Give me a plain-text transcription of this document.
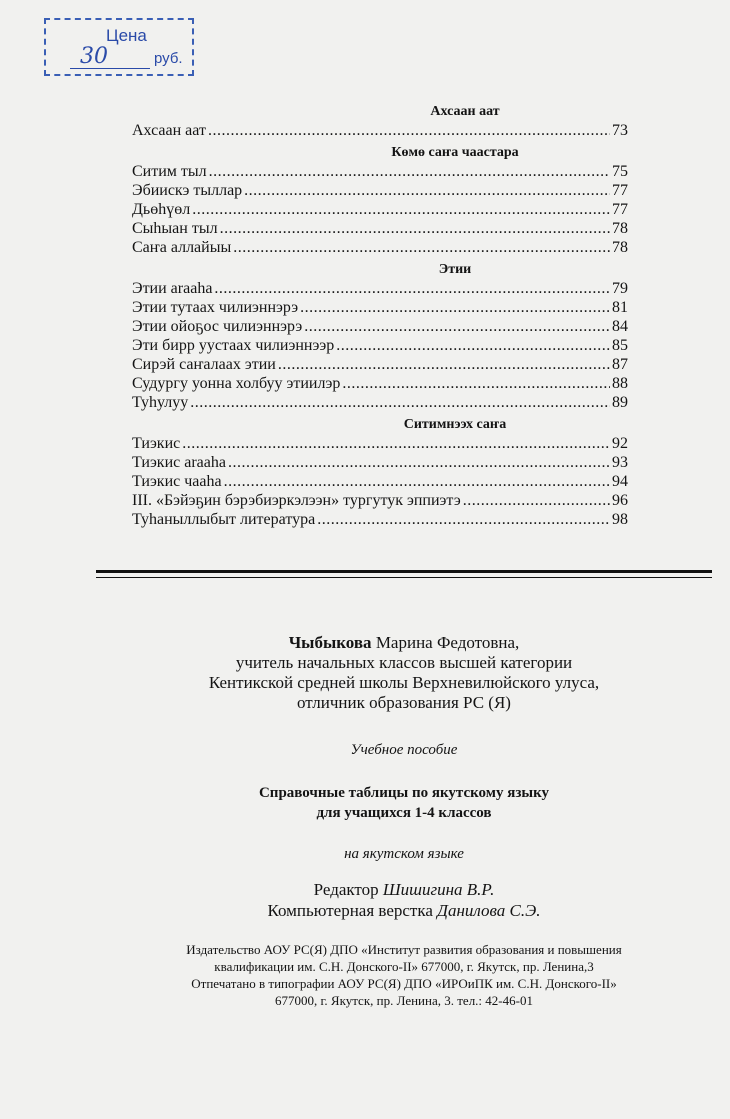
Цена
30	руб.
Ахсаан аат
Ахсаан аат .....	73
Көмө саҥа чаастара
Ситим тыл .....	75
Эбиискэ тыллар .....	77
Дьөһүөл .....	77
Сыһыан тыл .....	78
Саҥа аллайыы .....	78
Этии
Этии araaha .....	79
Этии тутаах чилиэннэрэ .....	81
Этии ойоҕос чилиэннэрэ .....	84
Эти бирр уустаах чилиэннээр .....	85
Сирэй саҥалаах этии .....	87
Судургу уонна холбуу этиилэр .....	88
Туһулуу .....	89
Ситимнээх саҥа
Тиэкис .....	92
Тиэкис araaha .....	93
Тиэкис чааhа .....	94
III. «Бэйэҕин бэрэбиэркэлээн» тургутук эппиэтэ .....	96
Туһаныллыбыт литература .....	98
Чыбыкова Марина Федотовна,
учитель начальных классов высшей категории
Кентикской средней школы Верхневилюйского улуса,
отличник образования РС (Я)
Учебное пособие
Справочные таблицы по якутскому языку
для учащихся 1-4 классов
на якутском языке
Редактор Шишигина В.Р.
Компьютерная верстка Данилова С.Э.
Издательство АОУ РС(Я) ДПО «Институт развития образования и повышения
квалификации им. С.Н. Донского-II» 677000, г. Якутск, пр. Ленина,3
Отпечатано в типографии АОУ РС(Я) ДПО «ИРОиПК им. С.Н. Донского-II»
677000, г. Якутск, пр. Ленина, 3. тел.: 42-46-01
